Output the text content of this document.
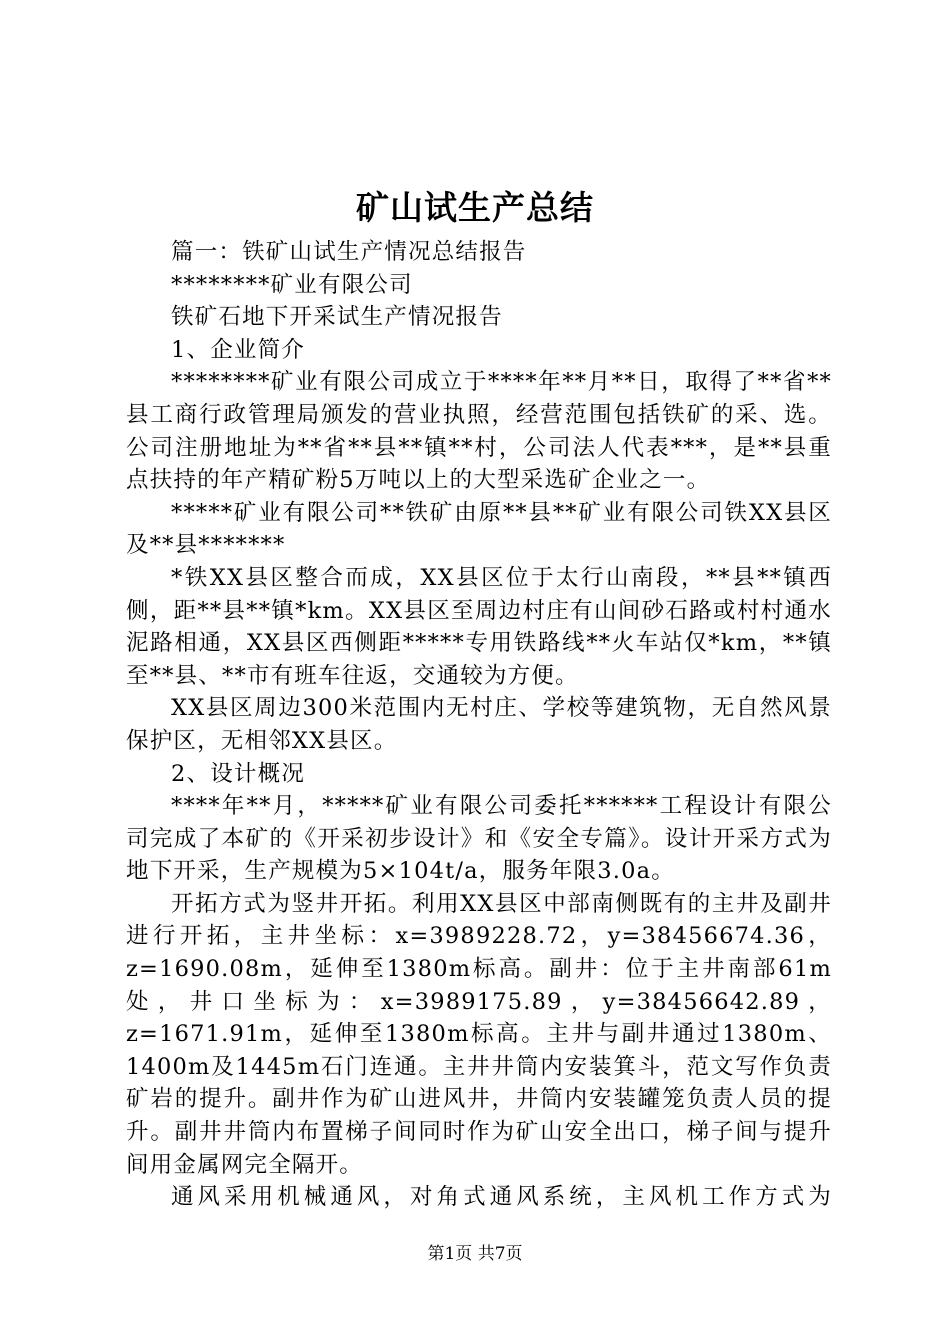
矿山试生产总结

篇一：铁矿山试生产情况总结报告

********矿业有限公司

铁矿石地下开采试生产情况报告

1、企业简介

********矿业有限公司成立于****年**月**日，取得了**省**县工商行政管理局颁发的营业执照，经营范围包括铁矿的采、选。公司注册地址为**省**县**镇**村，公司法人代表***，是**县重点扶持的年产精矿粉5万吨以上的大型采选矿企业之一。

*****矿业有限公司**铁矿由原**县**矿业有限公司铁XX县区及**县*******

*铁XX县区整合而成，XX县区位于太行山南段，**县**镇西侧，距**县**镇*km。XX县区至周边村庄有山间砂石路或村村通水泥路相通，XX县区西侧距*****专用铁路线**火车站仅*km，**镇至**县、**市有班车往返，交通较为方便。

XX县区周边300米范围内无村庄、学校等建筑物，无自然风景保护区，无相邻XX县区。

2、设计概况

****年**月，*****矿业有限公司委托******工程设计有限公司完成了本矿的《开采初步设计》和《安全专篇》。设计开采方式为地下开采，生产规模为5×104t/a，服务年限3.0a。

开拓方式为竖井开拓。利用XX县区中部南侧既有的主井及副井进行开拓，主井坐标：x=3989228.72，y=38456674.36，z=1690.08m，延伸至1380m标高。副井：位于主井南部61m处，井口坐标为：x=3989175.89，y=38456642.89，z=1671.91m，延伸至1380m标高。主井与副井通过1380m、1400m及1445m石门连通。主井井筒内安装箕斗，范文写作负责矿岩的提升。副井作为矿山进风井，井筒内安装罐笼负责人员的提升。副井井筒内布置梯子间同时作为矿山安全出口，梯子间与提升间用金属网完全隔开。

通风采用机械通风，对角式通风系统，主风机工作方式为

第1页 共7页
